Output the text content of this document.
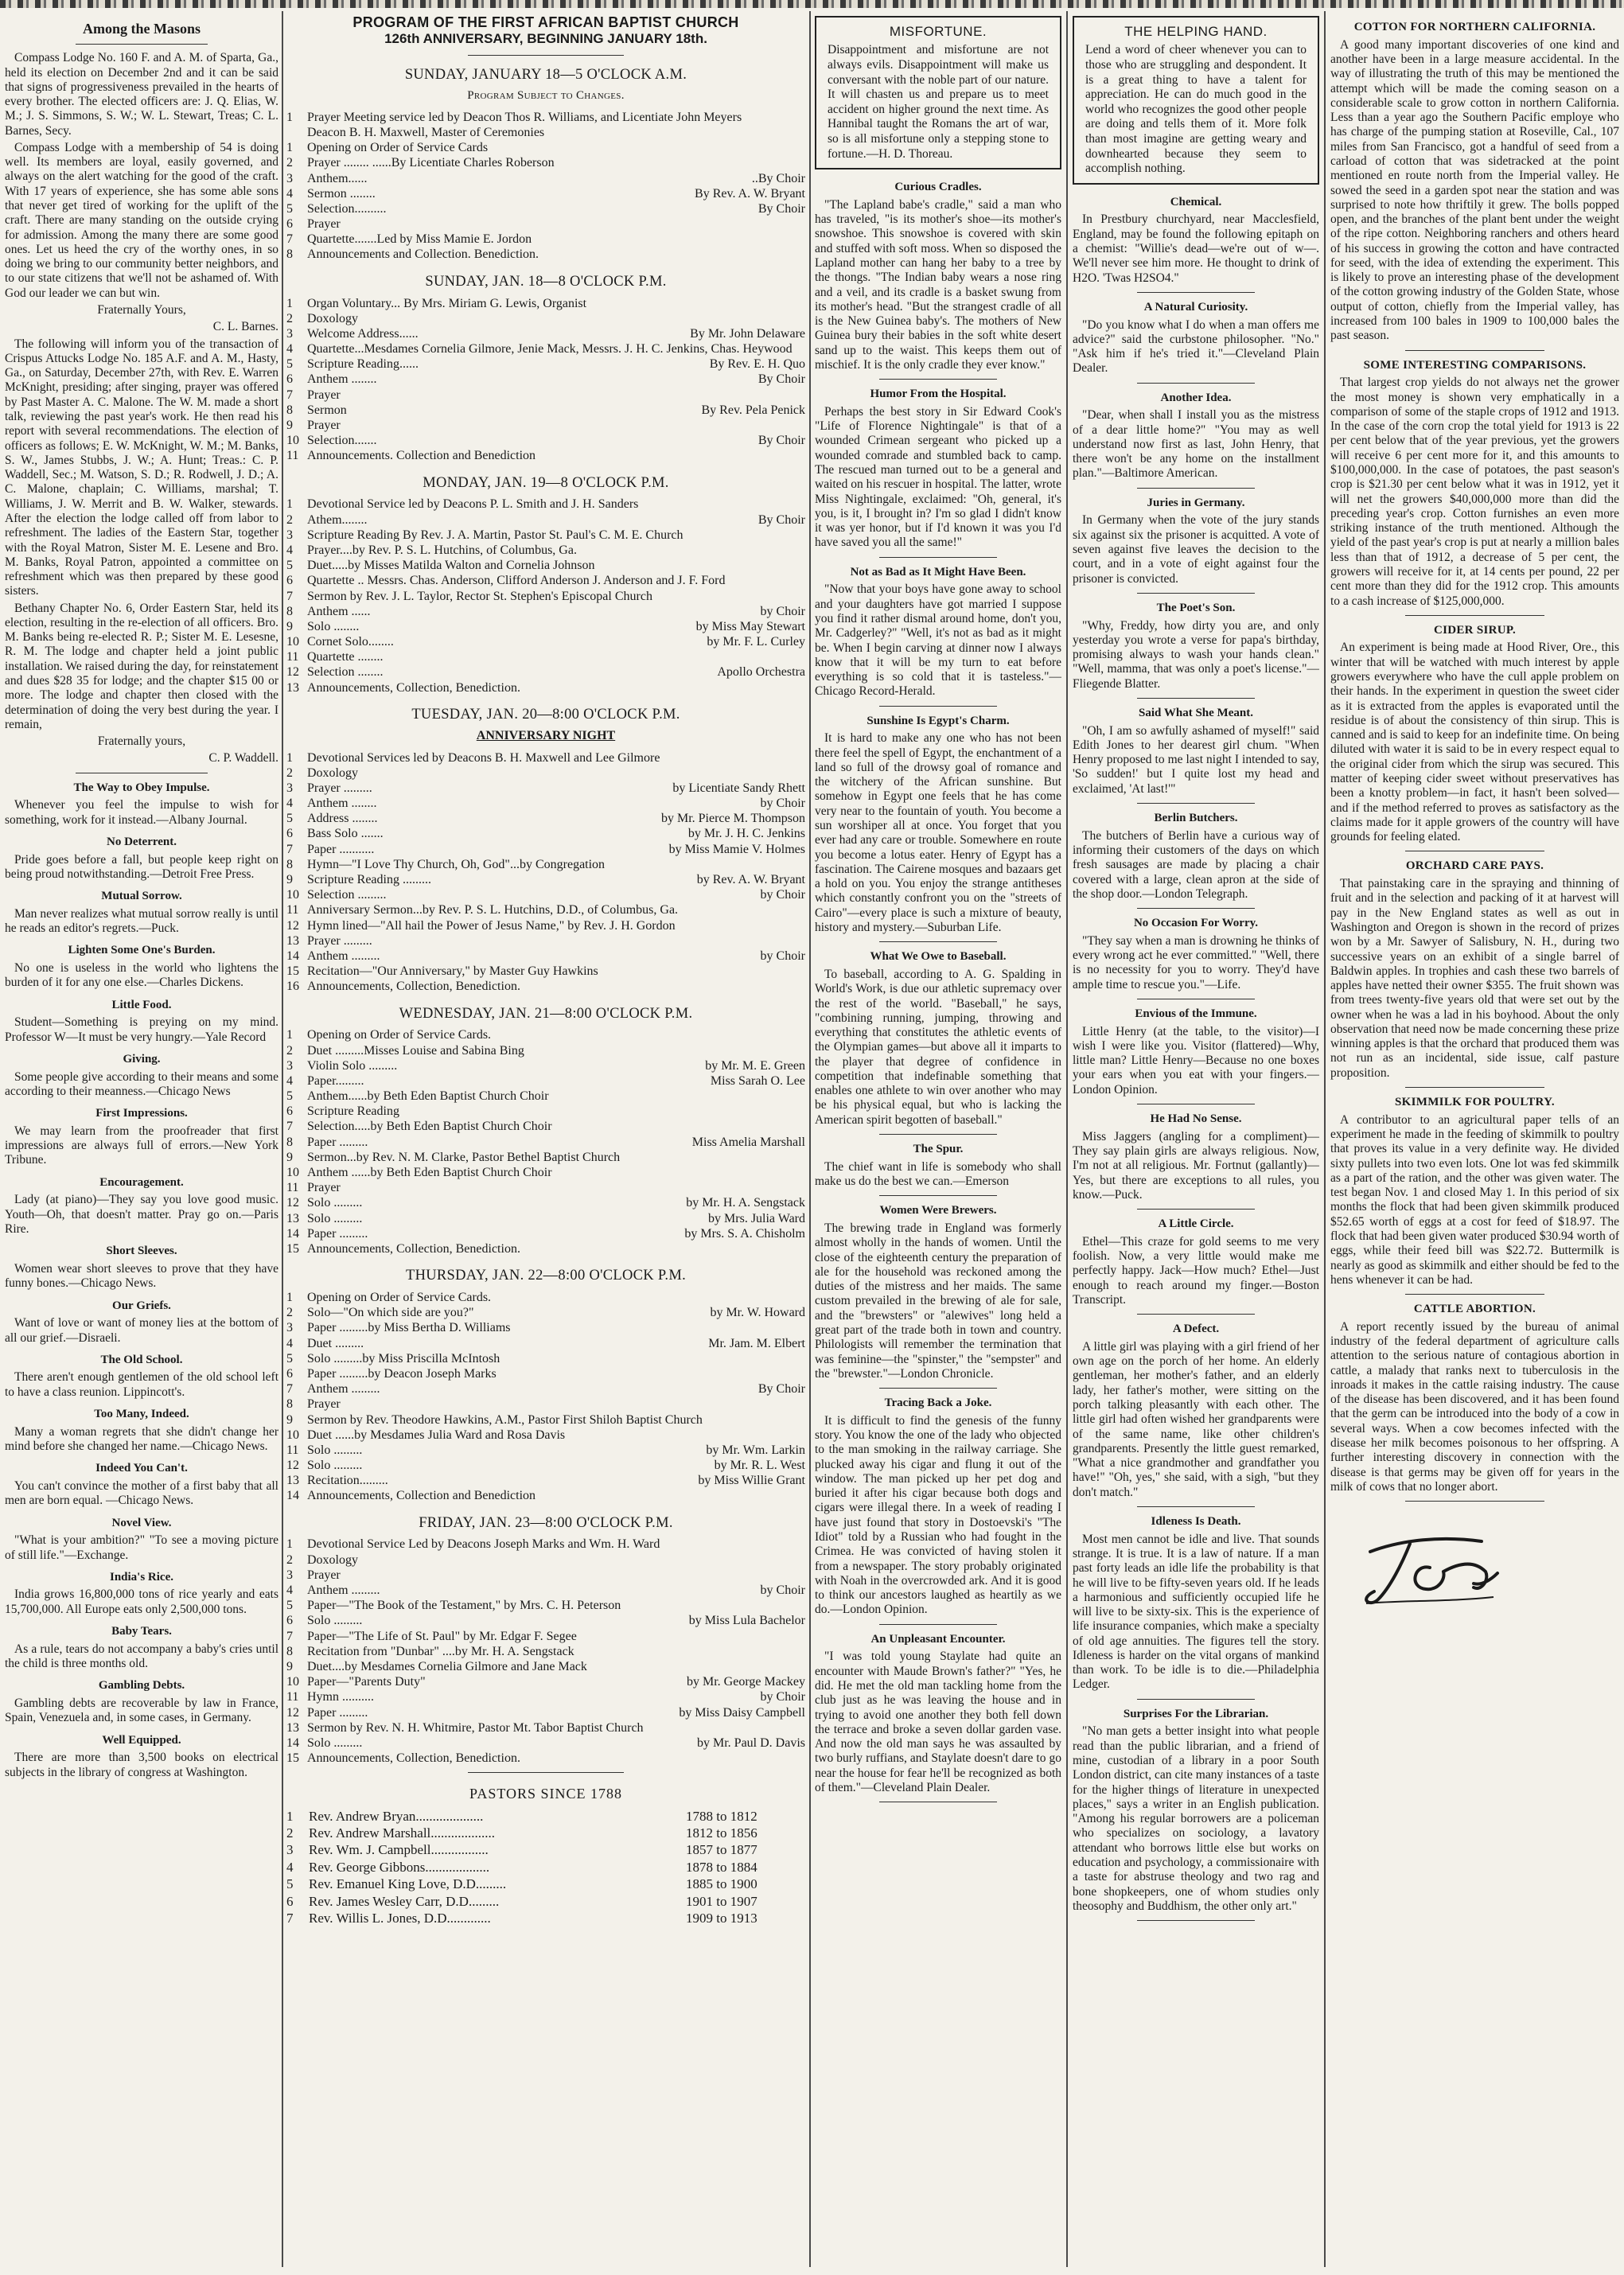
Among the Masons
Compass Lodge No. 160 F. and A. M. of Sparta, Ga., held its election on December 2nd and it can be said that signs of progressiveness prevailed in the hearts of every brother. The elected officers are: J. Q. Elias, W. M.; J. S. Simmons, S. W.; W. L. Stewart, Treas; C. L. Barnes, Secy.
Compass Lodge with a membership of 54 is doing well. Its members are loyal, easily governed, and always on the alert watching for the good of the craft. With 17 years of experience, she has some able sons that never get tired of working for the uplift of the craft. There are many standing on the outside crying for admission. Among the many there are some good ones. Let us heed the cry of the worthy ones, in so doing we bring to our community better neighbors, and to our state citizens that we'll not be ashamed of. With God our leader we can but win.
Fraternally Yours,
C. L. Barnes.
The following will inform you of the transaction of Crispus Attucks Lodge No. 185 A.F. and A. M., Hasty, Ga., on Saturday, December 27th, with Rev. E. Warren McKnight, presiding; after singing, prayer was offered by Past Master A. C. Malone. The W. M. made a short talk, reviewing the past year's work. He then read his report with several recommendations. The election of officers as follows; E. W. McKnight, W. M.; M. Banks, S. W., James Stubbs, J. W.; A. Hunt; Treas.: C. P. Waddell, Sec.; M. Watson, S. D.; R. Rodwell, J. D.; A. C. Malone, chaplain; C. Williams, marshal; T. Williams, J. W. Merrit and B. W. Walker, stewards. After the election the lodge called off from labor to refreshment. The ladies of the Eastern Star, together with the Royal Matron, Sister M. E. Lesene and Bro. M. Banks, Royal Patron, appointed a committee on refreshment which was then prepared by these good sisters.
Bethany Chapter No. 6, Order Eastern Star, held its election, resulting in the re-election of all officers. Bro. M. Banks being re-elected R. P.; Sister M. E. Lesesne, R. M. The lodge and chapter held a joint public installation. We raised during the day, for reinstatement and dues $28 35 for lodge; and the chapter $15 00 or more. The lodge and chapter then closed with the determination of doing the very best during the year. I remain,
Fraternally yours,
C. P. Waddell.
The Way to Obey Impulse.
Whenever you feel the impulse to wish for something, work for it instead.—Albany Journal.
No Deterrent.
Pride goes before a fall, but people keep right on being proud notwithstanding.—Detroit Free Press.
Mutual Sorrow.
Man never realizes what mutual sorrow really is until he reads an editor's regrets.—Puck.
Lighten Some One's Burden.
No one is useless in the world who lightens the burden of it for any one else.—Charles Dickens.
Little Food.
Student—Something is preying on my mind. Professor W—It must be very hungry.—Yale Record
Giving.
Some people give according to their means and some according to their meanness.—Chicago News
First Impressions.
We may learn from the proofreader that first impressions are always full of errors.—New York Tribune.
Encouragement.
Lady (at piano)—They say you love good music. Youth—Oh, that doesn't matter. Pray go on.—Paris Rire.
Short Sleeves.
Women wear short sleeves to prove that they have funny bones.—Chicago News.
Our Griefs.
Want of love or want of money lies at the bottom of all our grief.—Disraeli.
The Old School.
There aren't enough gentlemen of the old school left to have a class reunion. Lippincott's.
Too Many, Indeed.
Many a woman regrets that she didn't change her mind before she changed her name.—Chicago News.
Indeed You Can't.
You can't convince the mother of a first baby that all men are born equal. —Chicago News.
Novel View.
"What is your ambition?" "To see a moving picture of still life."—Exchange.
India's Rice.
India grows 16,800,000 tons of rice yearly and eats 15,700,000. All Europe eats only 2,500,000 tons.
Baby Tears.
As a rule, tears do not accompany a baby's cries until the child is three months old.
Gambling Debts.
Gambling debts are recoverable by law in France, Spain, Venezuela and, in some cases, in Germany.
Well Equipped.
There are more than 3,500 books on electrical subjects in the library of congress at Washington.
PROGRAM OF THE FIRST AFRICAN BAPTIST CHURCH
126th ANNIVERSARY, BEGINNING JANUARY 18th.
SUNDAY, JANUARY 18—5 O'CLOCK A.M.
Program Subject to Changes.
1	Prayer Meeting service led by Deacon Thos R. Williams, and Licentiate John Meyers
Deacon B. H. Maxwell, Master of Ceremonies
1	Opening on Order of Service Cards
2	Prayer ........ ......By Licentiate Charles Roberson
3	Anthem......	..By Choir
4	Sermon ........	By Rev. A. W. Bryant
5	Selection..........	By Choir
6	Prayer
7	Quartette.......Led by Miss Mamie E. Jordon
8	Announcements and Collection. Benediction.
SUNDAY, JAN. 18—8 O'CLOCK P.M.
1	Organ Voluntary... By Mrs. Miriam G. Lewis, Organist
2	Doxology
3	Welcome Address......	By Mr. John Delaware
4	Quartette...Mesdames Cornelia Gilmore, Jenie Mack, Messrs. J. H. C. Jenkins, Chas. Heywood
5	Scripture Reading......	By Rev. E. H. Quo
6	Anthem ........	By Choir
7	Prayer
8	Sermon	By Rev. Pela Penick
9	Prayer
10 Selection.......	By Choir
11 Announcements. Collection and Benediction
MONDAY, JAN. 19—8 O'CLOCK P.M.
1	Devotional Service led by Deacons P. L. Smith and J. H. Sanders
2	Athem........	By Choir
3	Scripture Reading By Rev. J. A. Martin, Pastor St. Paul's C. M. E. Church
4	Prayer....by Rev. P. S. L. Hutchins, of Columbus, Ga.
5	Duet.....by Misses Matilda Walton and Cornelia Johnson
6	Quartette .. Messrs. Chas. Anderson, Clifford Anderson J. Anderson and J. F. Ford
7	Sermon by Rev. J. L. Taylor, Rector St. Stephen's Episcopal Church
8	Anthem ......	by Choir
9	Solo ........	by Miss May Stewart
10 Cornet Solo........	by Mr. F. L. Curley
11 Quartette ........
12 Selection ........	Apollo Orchestra
13 Announcements, Collection, Benediction.
TUESDAY, JAN. 20—8:00 O'CLOCK P.M.
ANNIVERSARY NIGHT
1	Devotional Services led by Deacons B. H. Maxwell and Lee Gilmore
2	Doxology
3	Prayer .........	by Licentiate Sandy Rhett
4	Anthem ........	by Choir
5	Address ........	by Mr. Pierce M. Thompson
6	Bass Solo .......	by Mr. J. H. C. Jenkins
7	Paper ...........	by Miss Mamie V. Holmes
8	Hymn—"I Love Thy Church, Oh, God"...by Congregation
9	Scripture Reading .........	by Rev. A. W. Bryant
10 Selection .........	by Choir
11 Anniversary Sermon...by Rev. P. S. L. Hutchins, D.D., of Columbus, Ga.
12 Hymn lined—"All hail the Power of Jesus Name," by Rev. J. H. Gordon
13 Prayer .........
14 Anthem .........	by Choir
15 Recitation—"Our Anniversary," by Master Guy Hawkins
16 Announcements, Collection, Benediction.
WEDNESDAY, JAN. 21—8:00 O'CLOCK P.M.
1	Opening on Order of Service Cards.
2	Duet .........Misses Louise and Sabina Bing
3	Violin Solo .........	by Mr. M. E. Green
4	Paper.........	Miss Sarah O. Lee
5	Anthem......by Beth Eden Baptist Church Choir
6	Scripture Reading
7	Selection.....by Beth Eden Baptist Church Choir
8	Paper .........	Miss Amelia Marshall
9	Sermon...by Rev. N. M. Clarke, Pastor Bethel Baptist Church
10 Anthem ......by Beth Eden Baptist Church Choir
11 Prayer
12 Solo .........	by Mr. H. A. Sengstack
13 Solo .........	by Mrs. Julia Ward
14 Paper .........	by Mrs. S. A. Chisholm
15 Announcements, Collection, Benediction.
THURSDAY, JAN. 22—8:00 O'CLOCK P.M.
1	Opening on Order of Service Cards.
2	Solo—"On which side are you?"	by Mr. W. Howard
3	Paper .........by Miss Bertha D. Williams
4	Duet .........	Mr. Jam. M. Elbert
5	Solo .........by Miss Priscilla McIntosh
6	Paper .........by Deacon Joseph Marks
7	Anthem .........	By Choir
8	Prayer
9	Sermon by Rev. Theodore Hawkins, A.M., Pastor First Shiloh Baptist Church
10 Duet ......by Mesdames Julia Ward and Rosa Davis
11 Solo .........	by Mr. Wm. Larkin
12 Solo .........	by Mr. R. L. West
13 Recitation.........	by Miss Willie Grant
14 Announcements, Collection and Benediction
FRIDAY, JAN. 23—8:00 O'CLOCK P.M.
1	Devotional Service Led by Deacons Joseph Marks and Wm. H. Ward
2	Doxology
3	Prayer
4	Anthem .........	by Choir
5	Paper—"The Book of the Testament," by Mrs. C. H. Peterson
6	Solo .........	by Miss Lula Bachelor
7	Paper—"The Life of St. Paul" by Mr. Edgar F. Segee
8	Recitation from "Dunbar" ....by Mr. H. A. Sengstack
9	Duet....by Mesdames Cornelia Gilmore and Jane Mack
10 Paper—"Parents Duty"	by Mr. George Mackey
11 Hymn ..........	by Choir
12 Paper .........	by Miss Daisy Campbell
13 Sermon by Rev. N. H. Whitmire, Pastor Mt. Tabor Baptist Church
14 Solo .........	by Mr. Paul D. Davis
15 Announcements, Collection, Benediction.
PASTORS SINCE 1788
1	Rev. Andrew Bryan....................	1788 to 1812
2	Rev. Andrew Marshall...................	1812 to 1856
3	Rev. Wm. J. Campbell.................	1857 to 1877
4	Rev. George Gibbons...................	1878 to 1884
5	Rev. Emanuel King Love, D.D.........	1885 to 1900
6	Rev. James Wesley Carr, D.D.........	1901 to 1907
7	Rev. Willis L. Jones, D.D.............	1909 to 1913
MISFORTUNE.
Disappointment and misfortune are not always evils. Disappointment will make us conversant with the noble part of our nature. It will chasten us and prepare us to meet accident on higher ground the next time. As Hannibal taught the Romans the art of war, so is all misfortune only a stepping stone to fortune.—H. D. Thoreau.
Curious Cradles.
"The Lapland babe's cradle," said a man who has traveled, "is its mother's shoe—its mother's snowshoe. This snowshoe is covered with skin and stuffed with soft moss. When so disposed the Lapland mother can hang her baby to a tree by the thongs. "The Indian baby wears a nose ring and a veil, and its cradle is a basket swung from its mother's head. "But the strangest cradle of all is the New Guinea baby's. The mothers of New Guinea bury their babies in the soft white desert sand up to the waist. This keeps them out of mischief. It is the only cradle they ever know."
Humor From the Hospital.
Perhaps the best story in Sir Edward Cook's "Life of Florence Nightingale" is that of a wounded Crimean sergeant who picked up a wounded comrade and stumbled back to camp. The rescued man turned out to be a general and waited on his rescuer in hospital. The latter, wrote Miss Nightingale, exclaimed: "Oh, general, it's you, is it, I brought in? I'm so glad I didn't know it was yer honor, but if I'd known it was you I'd have saved you all the same!"
Not as Bad as It Might Have Been.
"Now that your boys have gone away to school and your daughters have got married I suppose you find it rather dismal around home, don't you, Mr. Cadgerley?" "Well, it's not as bad as it might be. When I begin carving at dinner now I always know that it will be my turn to eat before everything is so cold that it is tasteless."—Chicago Record-Herald.
Sunshine Is Egypt's Charm.
It is hard to make any one who has not been there feel the spell of Egypt, the enchantment of a land so full of the drowsy goal of romance and the witchery of the African sunshine. But somehow in Egypt one feels that he has come very near to the fountain of youth. You become a sun worshiper all at once. You forget that you ever had any care or trouble. Somewhere en route you become a lotus eater. Henry of Egypt has a fascination. The Cairene mosques and bazaars get a hold on you. You enjoy the strange antitheses which constantly confront you on the "streets of Cairo"—every place is such a mixture of beauty, history and mystery.—Suburban Life.
What We Owe to Baseball.
To baseball, according to A. G. Spalding in World's Work, is due our athletic supremacy over the rest of the world. "Baseball," he says, "combining running, jumping, throwing and everything that constitutes the athletic events of the Olympian games—but above all it imparts to the player that degree of confidence in competition that indefinable something that enables one athlete to win over another who may be his physical equal, but who is lacking the American spirit begotten of baseball."
The Spur.
The chief want in life is somebody who shall make us do the best we can.—Emerson
Women Were Brewers.
The brewing trade in England was formerly almost wholly in the hands of women. Until the close of the eighteenth century the preparation of ale for the household was reckoned among the duties of the mistress and her maids. The same custom prevailed in the brewing of ale for sale, and the "brewsters" or "alewives" long held a great part of the trade both in town and country. Philologists will remember the termination that was feminine—the "spinster," the "sempster" and the "brewster."—London Chronicle.
Tracing Back a Joke.
It is difficult to find the genesis of the funny story. You know the one of the lady who objected to the man smoking in the railway carriage. She plucked away his cigar and flung it out of the window. The man picked up her pet dog and buried it after his cigar because both dogs and cigars were illegal there. In a week of reading I have just found that story in Dostoevski's "The Idiot" told by a Russian who had fought in the Crimea. He was convicted of having stolen it from a newspaper. The story probably originated with Noah in the overcrowded ark. And it is good to think our ancestors laughed as heartily as we do.—London Opinion.
An Unpleasant Encounter.
"I was told young Staylate had quite an encounter with Maude Brown's father?" "Yes, he did. He met the old man tackling home from the club just as he was leaving the house and in trying to avoid one another they both fell down the terrace and broke a seven dollar garden vase. And now the old man says he was assaulted by two burly ruffians, and Staylate doesn't dare to go near the house for fear he'll be recognized as both of them."—Cleveland Plain Dealer.
THE HELPING HAND.
Lend a word of cheer whenever you can to those who are struggling and despondent. It is a great thing to have a talent for appreciation. He can do much good in the world who recognizes the good other people are doing and tells them of it. More folk than most imagine are getting weary and downhearted because they seem to accomplish nothing.
Chemical.
In Prestbury churchyard, near Macclesfield, England, may be found the following epitaph on a chemist: "Willie's dead—we're out of w—. We'll never see him more. He thought to drink of H2O. 'Twas H2SO4."
A Natural Curiosity.
"Do you know what I do when a man offers me advice?" said the curbstone philosopher. "No." "Ask him if he's tried it."—Cleveland Plain Dealer.
Another Idea.
"Dear, when shall I install you as the mistress of a dear little home?" "You may as well understand now first as last, John Henry, that there won't be any home on the installment plan."—Baltimore American.
Juries in Germany.
In Germany when the vote of the jury stands six against six the prisoner is acquitted. A vote of seven against five leaves the decision to the court, and in a vote of eight against four the prisoner is convicted.
The Poet's Son.
"Why, Freddy, how dirty you are, and only yesterday you wrote a verse for papa's birthday, promising always to wash your hands clean." "Well, mamma, that was only a poet's license."—Fliegende Blatter.
Said What She Meant.
"Oh, I am so awfully ashamed of myself!" said Edith Jones to her dearest girl chum. "When Henry proposed to me last night I intended to say, 'So sudden!' but I quite lost my head and exclaimed, 'At last!'"
Berlin Butchers.
The butchers of Berlin have a curious way of informing their customers of the days on which fresh sausages are made by placing a chair covered with a large, clean apron at the side of the shop door.—London Telegraph.
No Occasion For Worry.
"They say when a man is drowning he thinks of every wrong act he ever committed." "Well, there is no necessity for you to worry. They'd have ample time to rescue you."—Life.
Envious of the Immune.
Little Henry (at the table, to the visitor)—I wish I were like you. Visitor (flattered)—Why, little man? Little Henry—Because no one boxes your ears when you eat with your fingers.—London Opinion.
He Had No Sense.
Miss Jaggers (angling for a compliment)—They say plain girls are always religious. Now, I'm not at all religious. Mr. Fortnut (gallantly)—Yes, but there are exceptions to all rules, you know.—Puck.
A Little Circle.
Ethel—This craze for gold seems to me very foolish. Now, a very little would make me perfectly happy. Jack—How much? Ethel—Just enough to reach around my finger.—Boston Transcript.
A Defect.
A little girl was playing with a girl friend of her own age on the porch of her home. An elderly gentleman, her mother's father, and an elderly lady, her father's mother, were sitting on the porch talking pleasantly with each other. The little girl had often wished her grandparents were of the same name, like other children's grandparents. Presently the little guest remarked, "What a nice grandmother and grandfather you have!" "Oh, yes," she said, with a sigh, "but they don't match."
Idleness Is Death.
Most men cannot be idle and live. That sounds strange. It is true. It is a law of nature. If a man past forty leads an idle life the probability is that he will live to be fifty-seven years old. If he leads a harmonious and sufficiently occupied life he will live to be sixty-six. This is the experience of life insurance companies, which make a specialty of old age annuities. The figures tell the story. Idleness is harder on the vital organs of mankind than work. To be idle is to die.—Philadelphia Ledger.
Surprises For the Librarian.
"No man gets a better insight into what people read than the public librarian, and a friend of mine, custodian of a library in a poor South London district, can cite many instances of a taste for the higher things of literature in unexpected places," says a writer in an English publication. "Among his regular borrowers are a policeman who specializes on sociology, a lavatory attendant who borrows little else but works on education and psychology, a commissionaire with a taste for abstruse theology and two rag and bone shopkeepers, one of whom studies only theosophy and Buddhism, the other only art."
COTTON FOR NORTHERN CALIFORNIA.
A good many important discoveries of one kind and another have been in a large measure accidental. In the way of illustrating the truth of this may be mentioned the attempt which will be made the coming season on a considerable scale to grow cotton in northern California. Less than a year ago the Southern Pacific employe who has charge of the pumping station at Roseville, Cal., 107 miles from San Francisco, got a handful of seed from a carload of cotton that was sidetracked at the point mentioned en route north from the Imperial valley. He sowed the seed in a garden spot near the station and was surprised to note how thriftily it grew. The bolls popped open, and the branches of the plant bent under the weight of the ripe cotton. Neighboring ranchers and others heard of his success in growing the cotton and have contracted for seed, with the idea of extending the experiment. This is likely to prove an interesting phase of the development of the cotton growing industry of the Golden State, whose output of cotton, chiefly from the Imperial valley, has increased from 100 bales in 1909 to 100,000 bales the past season.
SOME INTERESTING COMPARISONS.
That largest crop yields do not always net the grower the most money is shown very emphatically in a comparison of some of the staple crops of 1912 and 1913. In the case of the corn crop the total yield for 1913 is 22 per cent below that of the year previous, yet the growers will receive 6 per cent more for it, and this amounts to $100,000,000. In the case of potatoes, the past season's crop is $21.30 per cent below what it was in 1912, yet it will net the growers $40,000,000 more than did the preceding year's crop. Cotton furnishes an even more striking instance of the truth mentioned. Although the yield of the past year's crop is put at nearly a million bales less than that of 1912, a decrease of 5 per cent, the growers will receive for it, at 14 cents per pound, 22 per cent more than they did for the 1912 crop. This amounts to a cash increase of $125,000,000.
CIDER SIRUP.
An experiment is being made at Hood River, Ore., this winter that will be watched with much interest by apple growers everywhere who have the cull apple problem on their hands. In the experiment in question the sweet cider as it is extracted from the apples is evaporated until the residue is of about the consistency of thin sirup. This is canned and is said to keep for an indefinite time. On being diluted with water it is said to be in every respect equal to the original cider from which the sirup was secured. This matter of keeping cider sweet without preservatives has been a knotty problem—in fact, it hasn't been solved—and if the method referred to proves as satisfactory as the claims made for it apple growers of the country will have grounds for feeling elated.
ORCHARD CARE PAYS.
That painstaking care in the spraying and thinning of fruit and in the selection and packing of it at harvest will pay in the New England states as well as out in Washington and Oregon is shown in the record of prizes won by a Mr. Sawyer of Salisbury, N. H., during two successive years on an exhibit of a single barrel of Baldwin apples. In trophies and cash these two barrels of apples have netted their owner $355. The fruit shown was from trees twenty-five years old that were set out by the owner when he was a lad in his boyhood. About the only observation that need now be made concerning these prize winning apples is that the orchard that produced them was not run as an incidental, side issue, calf pasture proposition.
SKIMMILK FOR POULTRY.
A contributor to an agricultural paper tells of an experiment he made in the feeding of skimmilk to poultry that proves its value in a very definite way. He divided sixty pullets into two even lots. One lot was fed skimmilk as a part of the ration, and the other was given water. The test began Nov. 1 and closed May 1. In this period of six months the flock that had been given skimmilk produced $52.65 worth of eggs at a cost for feed of $18.97. The flock that had been given water produced $30.94 worth of eggs, while their feed bill was $22.72. Buttermilk is nearly as good as skimmilk and either should be fed to the hens whenever it can be had.
CATTLE ABORTION.
A report recently issued by the bureau of animal industry of the federal department of agriculture calls attention to the serious nature of contagious abortion in cattle, a malady that ranks next to tuberculosis in the inroads it makes in the cattle raising industry. The cause of the disease has been discovered, and it has been found that the germ can be introduced into the body of a cow in several ways. When a cow becomes infected with the disease her milk becomes poisonous to her offspring. A further interesting discovery in connection with the disease is that germs may be given off for years in the milk of cows that no longer abort.
